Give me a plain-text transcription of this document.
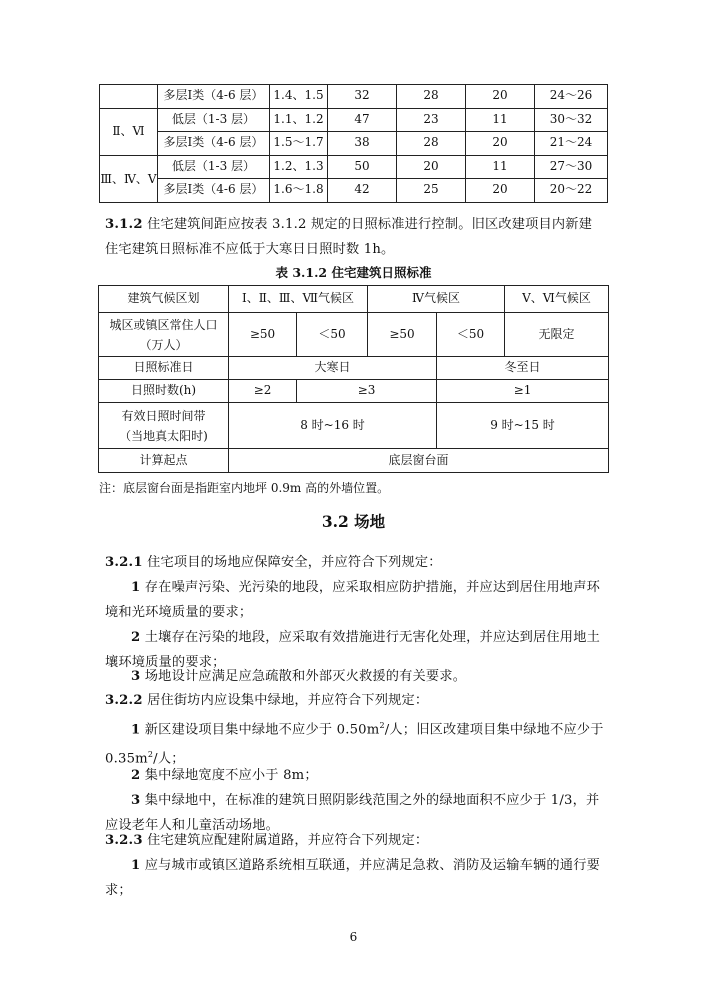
	多层Ⅰ类（4-6 层）	1.4、1.5	32	28	20	24～26
Ⅱ、Ⅵ	低层（1-3 层）	1.1、1.2	47	23	11	30～32
	多层Ⅰ类（4-6 层）	1.5～1.7	38	28	20	21～24
Ⅲ、Ⅳ、Ⅴ	低层（1-3 层）	1.2、1.3	50	20	11	27～30
	多层Ⅰ类（4-6 层）	1.6～1.8	42	25	20	20～22

3.1.2 住宅建筑间距应按表 3.1.2 规定的日照标准进行控制。旧区改建项目内新建住宅建筑日照标准不应低于大寒日日照时数 1h。

表 3.1.2 住宅建筑日照标准
建筑气候区划	Ⅰ、Ⅱ、Ⅲ、Ⅶ气候区		Ⅳ气候区		Ⅴ、Ⅵ气候区
城区或镇区常住人口（万人）	≥50	＜50	≥50	＜50	无限定
日照标准日	大寒日			冬至日	
日照时数(h)	≥2	≥3		≥1	
有效日照时间带（当地真太阳时)	8 时~16 时			9 时~15 时	
计算起点	底层窗台面				
注：底层窗台面是指距室内地坪 0.9m 高的外墙位置。
3.2 场地

3.2.1 住宅项目的场地应保障安全，并应符合下列规定：

1 存在噪声污染、光污染的地段，应采取相应防护措施，并应达到居住用地声环境和光环境质量的要求；

2 土壤存在污染的地段，应采取有效措施进行无害化处理，并应达到居住用地土壤环境质量的要求；

3 场地设计应满足应急疏散和外部灭火救援的有关要求。

3.2.2 居住街坊内应设集中绿地，并应符合下列规定：

1 新区建设项目集中绿地不应少于 $0.50m^2/$人；旧区改建项目集中绿地不应少于 $0.35m^2/$人；

2 集中绿地宽度不应小于 8m；

3 集中绿地中，在标准的建筑日照阴影线范围之外的绿地面积不应少于 1/3，并应设老年人和儿童活动场地。

3.2.3 住宅建筑应配建附属道路，并应符合下列规定：

1 应与城市或镇区道路系统相互联通，并应满足急救、消防及运输车辆的通行要求；

6
